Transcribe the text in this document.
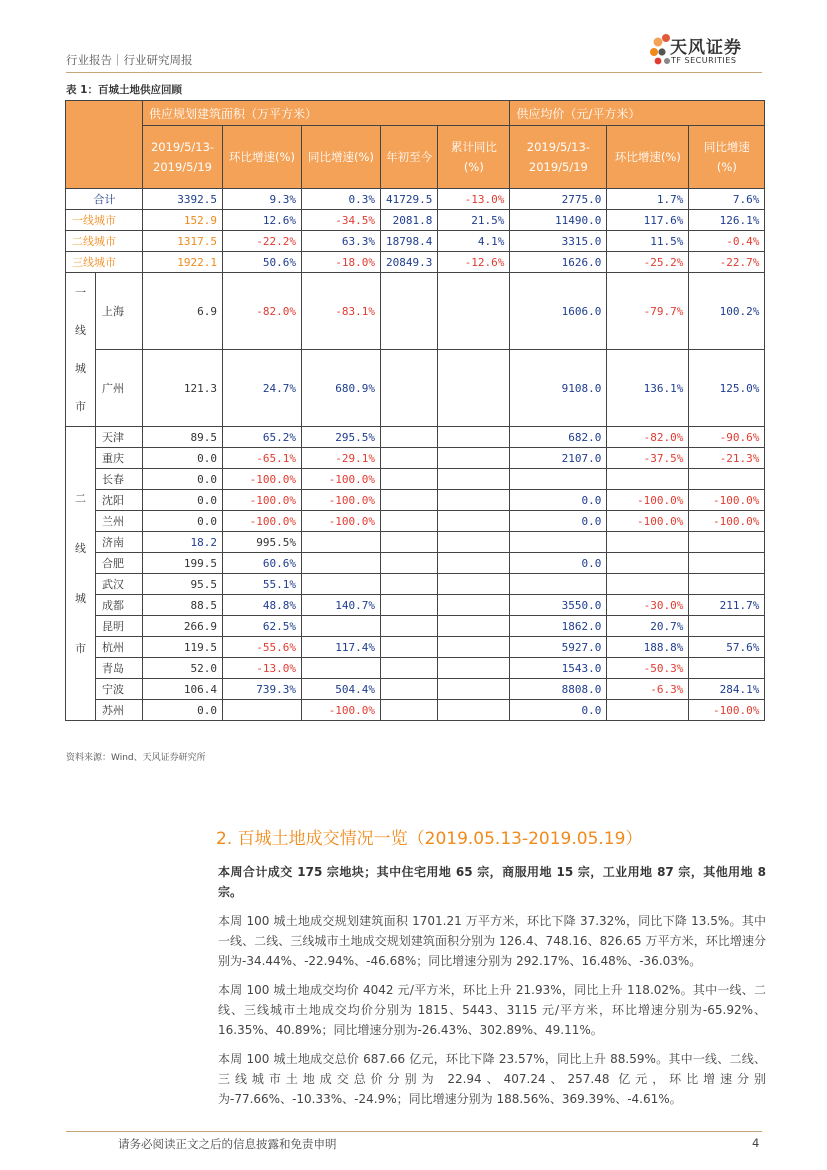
行业报告｜行业研究周报
天风证券
TF SECURITIES
表 1：百城土地供应回顾
		供应规划建筑面积（万平方米）					供应均价（元/平方米）		
		2019/5/13-2019/5/19	环比增速(%)	同比增速(%)	年初至今	累计同比(%)	2019/5/13-2019/5/19	环比增速(%)	同比增速(%)
合计		3392.5	9.3%	0.3%	41729.5	-13.0%	2775.0	1.7%	7.6%
一线城市		152.9	12.6%	-34.5%	2081.8	21.5%	11490.0	117.6%	126.1%
二线城市		1317.5	-22.2%	63.3%	18798.4	4.1%	3315.0	11.5%	-0.4%
三线城市		1922.1	50.6%	-18.0%	20849.3	-12.6%	1626.0	-25.2%	-22.7%

一线城市	上海	6.9	-82.0%	-83.1%			1606.0	-79.7%	100.2%
	广州	121.3	24.7%	680.9%			9108.0	136.1%	125.0%

二线城市	天津	89.5	65.2%	295.5%			682.0	-82.0%	-90.6%
	重庆	0.0	-65.1%	-29.1%			2107.0	-37.5%	-21.3%
	长春	0.0	-100.0%	-100.0%					
	沈阳	0.0	-100.0%	-100.0%			0.0	-100.0%	-100.0%
	兰州	0.0	-100.0%	-100.0%			0.0	-100.0%	-100.0%
	济南	18.2	995.5%						
	合肥	199.5	60.6%				0.0		
	武汉	95.5	55.1%						
	成都	88.5	48.8%	140.7%			3550.0	-30.0%	211.7%
	昆明	266.9	62.5%				1862.0	20.7%	
	杭州	119.5	-55.6%	117.4%			5927.0	188.8%	57.6%
	青岛	52.0	-13.0%				1543.0	-50.3%	
	宁波	106.4	739.3%	504.4%			8808.0	-6.3%	284.1%
	苏州	0.0		-100.0%			0.0		-100.0%
资料来源：Wind、天风证券研究所
2. 百城土地成交情况一览（2019.05.13-2019.05.19）
本周合计成交 175 宗地块；其中住宅用地 65 宗，商服用地 15 宗，工业用地 87 宗，其他用地 8 宗。
本周 100 城土地成交规划建筑面积 1701.21 万平方米，环比下降 37.32%，同比下降 13.5%。其中一线、二线、三线城市土地成交规划建筑面积分别为 126.4、748.16、826.65 万平方米，环比增速分别为-34.44%、-22.94%、-46.68%；同比增速分别为 292.17%、16.48%、-36.03%。
本周 100 城土地成交均价 4042 元/平方米，环比上升 21.93%，同比上升 118.02%。其中一线、二线、三线城市土地成交均价分别为 1815、5443、3115 元/平方米，环比增速分别为-65.92%、16.35%、40.89%；同比增速分别为-26.43%、302.89%、49.11%。
本周 100 城土地成交总价 687.66 亿元，环比下降 23.57%，同比上升 88.59%。其中一线、二线、三线城市土地成交总价分别为 22.94、407.24、257.48 亿元，环比增速分别为-77.66%、-10.33%、-24.9%；同比增速分别为 188.56%、369.39%、-4.61%。
请务必阅读正文之后的信息披露和免责申明	4
